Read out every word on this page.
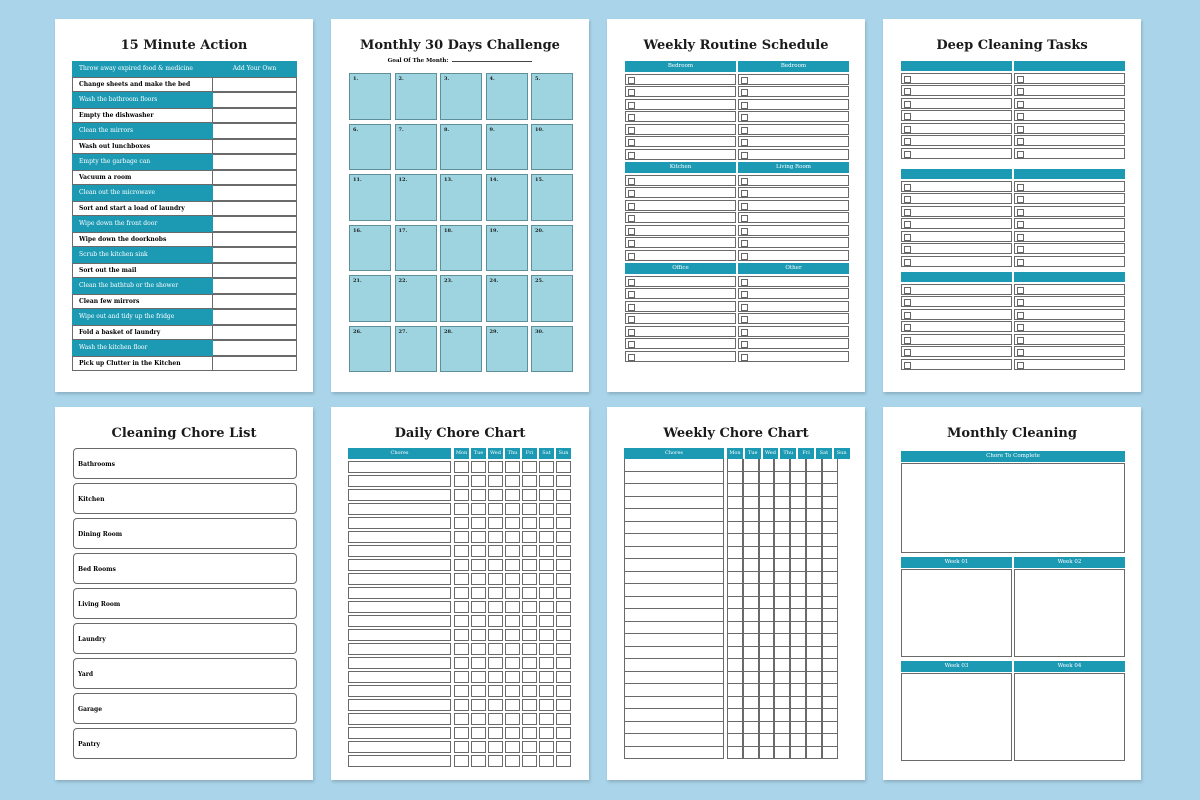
15 Minute Action
Throw away expired food & medicine	Add Your Own
Change sheets and make the bed
Wash the bathroom floors
Empty the dishwasher
Clean the mirrors
Wash out lunchboxes
Empty the garbage can
Vacuum a room
Clean out the microwave
Sort and start a load of laundry
Wipe down the front door
Wipe down the doorknobs
Scrub the kitchen sink
Sort out the mail
Clean the bathtub or the shower
Clean few mirrors
Wipe out and tidy up the fridge
Fold a basket of laundry
Wash the kitchen floor
Pick up Clutter in the Kitchen
Monthly 30 Days Challenge
Goal Of The Month:
1.	2.	3.	4.	5.
6.	7.	8.	9.	10.
11.	12.	13.	14.	15.
16.	17.	18.	19.	20.
21.	22.	23.	24.	25.
26.	27.	28.	29.	30.
Weekly Routine Schedule
Bedroom	Bedroom
Kitchen	Living Room
Office	Other
Deep Cleaning Tasks
Cleaning Chore List
Bathrooms
Kitchen
Dining Room
Bed Rooms
Living Room
Laundry
Yard
Garage
Pantry
Daily Chore Chart
Chores	Mon	Tue	Wed	Thu	Fri	Sat	Sun
Weekly Chore Chart
Chores	Mon	Tue	Wed	Thu	Fri	Sat	Sun
Monthly Cleaning
Chore To Complete
Week 01	Week 02
Week 03	Week 04
